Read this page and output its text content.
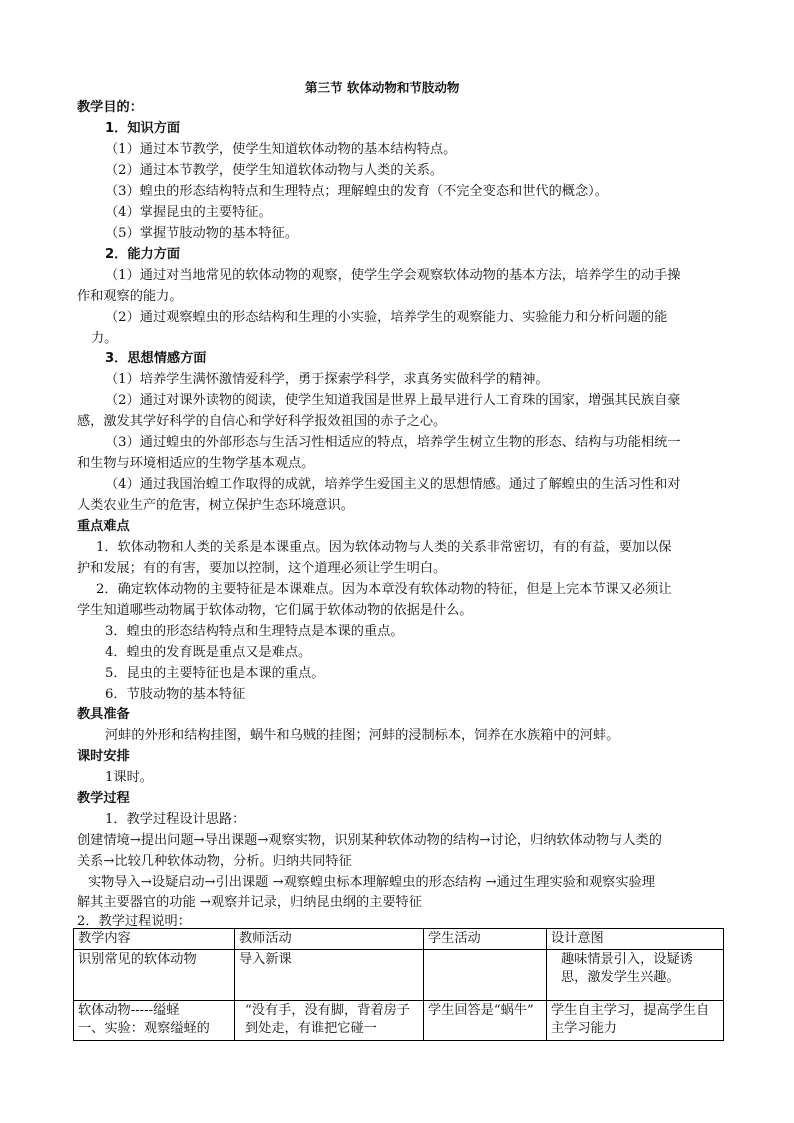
第三节 软体动物和节肢动物
教学目的：
1．知识方面
（1）通过本节教学，使学生知道软体动物的基本结构特点。
（2）通过本节教学，使学生知道软体动物与人类的关系。
（3）蝗虫的形态结构特点和生理特点；理解蝗虫的发育（不完全变态和世代的概念）。
（4）掌握昆虫的主要特征。
（5）掌握节肢动物的基本特征。
2．能力方面
（1）通过对当地常见的软体动物的观察，使学生学会观察软体动物的基本方法，培养学生的动手操
作和观察的能力。
（2）通过观察蝗虫的形态结构和生理的小实验，培养学生的观察能力、实验能力和分析问题的能
力。
3．思想情感方面
（1）培养学生满怀激情爱科学，勇于探索学科学，求真务实做科学的精神。
（2）通过对课外读物的阅读，使学生知道我国是世界上最早进行人工育珠的国家，增强其民族自豪
感，激发其学好科学的自信心和学好科学报效祖国的赤子之心。
（3）通过蝗虫的外部形态与生活习性相适应的特点，培养学生树立生物的形态、结构与功能相统一
和生物与环境相适应的生物学基本观点。
（4）通过我国治蝗工作取得的成就，培养学生爱国主义的思想情感。通过了解蝗虫的生活习性和对
人类农业生产的危害，树立保护生态环境意识。
重点难点
1．软体动物和人类的关系是本课重点。因为软体动物与人类的关系非常密切，有的有益，要加以保
护和发展；有的有害，要加以控制，这个道理必须让学生明白。
2．确定软体动物的主要特征是本课难点。因为本章没有软体动物的特征，但是上完本节课又必须让
学生知道哪些动物属于软体动物，它们属于软体动物的依据是什么。
3．蝗虫的形态结构特点和生理特点是本课的重点。
4．蝗虫的发育既是重点又是难点。
5．昆虫的主要特征也是本课的重点。
6．节肢动物的基本特征
教具准备
河蚌的外形和结构挂图，蜗牛和乌贼的挂图；河蚌的浸制标本，饲养在水族箱中的河蚌。
课时安排
1课时。
教学过程
1．教学过程设计思路：
创建情境→提出问题→导出课题→观察实物，识别某种软体动物的结构→讨论，归纳软体动物与人类的
关系→比较几种软体动物，分析。归纳共同特征
实物导入→设疑启动→引出课题 →观察蝗虫标本理解蝗虫的形态结构 →通过生理实验和观察实验理
解其主要器官的功能 →观察并记录，归纳昆虫纲的主要特征
2．教学过程说明：
教学内容	教师活动	学生活动	设计意图
识别常见的软体动物	导入新课		趣味情景引入，设疑诱思，激发学生兴趣。
软体动物-----缢蛏
一、实验：观察缢蛏的	“没有手，没有脚，背着房子到处走，有谁把它碰一	学生回答是“蜗牛”	学生自主学习，提高学生自主学习能力
